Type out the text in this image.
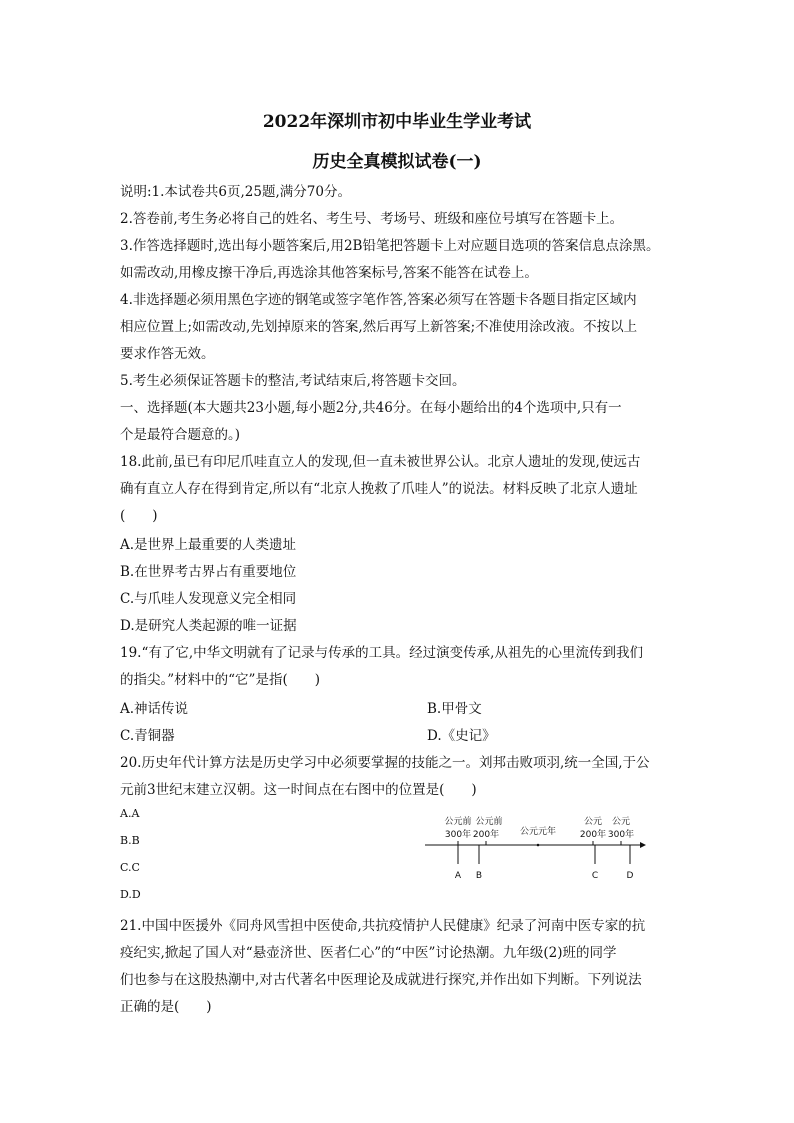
2022年深圳市初中毕业生学业考试
历史全真模拟试卷(一)
说明:1.本试卷共6页,25题,满分70分。
2.答卷前,考生务必将自己的姓名、考生号、考场号、班级和座位号填写在答题卡上。
3.作答选择题时,选出每小题答案后,用2B铅笔把答题卡上对应题目选项的答案信息点涂黑。
如需改动,用橡皮擦干净后,再选涂其他答案标号,答案不能答在试卷上。
4.非选择题必须用黑色字迹的钢笔或签字笔作答,答案必须写在答题卡各题目指定区域内
相应位置上;如需改动,先划掉原来的答案,然后再写上新答案;不准使用涂改液。不按以上
要求作答无效。
5.考生必须保证答题卡的整洁,考试结束后,将答题卡交回。
一、选择题(本大题共23小题,每小题2分,共46分。在每小题给出的4个选项中,只有一
个是最符合题意的。)
18.此前,虽已有印尼爪哇直立人的发现,但一直未被世界公认。北京人遗址的发现,使远古
确有直立人存在得到肯定,所以有“北京人挽救了爪哇人”的说法。材料反映了北京人遗址
(　　)
A.是世界上最重要的人类遗址
B.在世界考古界占有重要地位
C.与爪哇人发现意义完全相同
D.是研究人类起源的唯一证据
19.“有了它,中华文明就有了记录与传承的工具。经过演变传承,从祖先的心里流传到我们
的指尖。”材料中的“它”是指(　　)
A.神话传说	B.甲骨文
C.青铜器	D.《史记》
20.历史年代计算方法是历史学习中必须要掌握的技能之一。刘邦击败项羽,统一全国,于公
元前3世纪末建立汉朝。这一时间点在右图中的位置是(　　)
A.A
B.B
C.C
D.D
公元前
300年
公元前
200年 公元元年
公元
200年
公元
300年
A B	C	D
21.中国中医援外《同舟风雪担中医使命,共抗疫情护人民健康》纪录了河南中医专家的抗
疫纪实,掀起了国人对“悬壶济世、医者仁心”的“中医”讨论热潮。九年级(2)班的同学
们也参与在这股热潮中,对古代著名中医理论及成就进行探究,并作出如下判断。下列说法
正确的是(　　)
